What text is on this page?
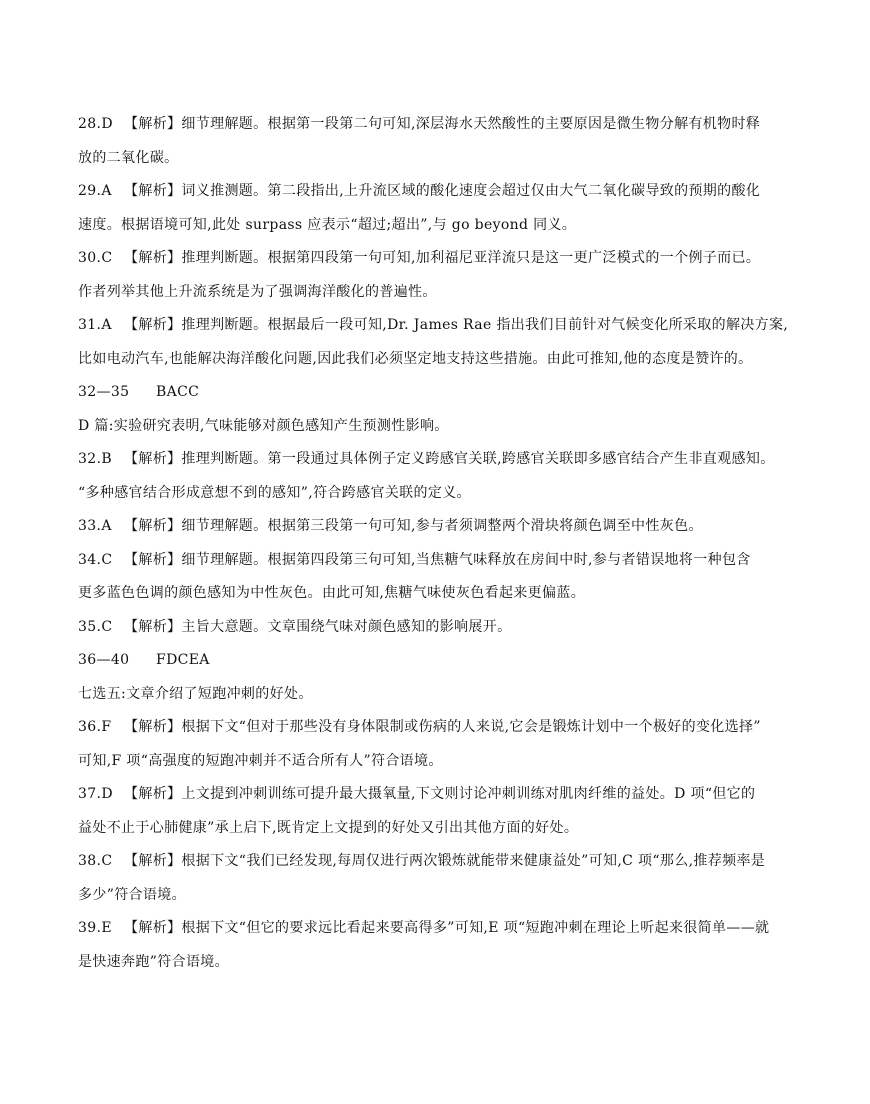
28.D 【解析】细节理解题。根据第一段第二句可知,深层海水天然酸性的主要原因是微生物分解有机物时释
放的二氧化碳。
29.A 【解析】词义推测题。第二段指出,上升流区域的酸化速度会超过仅由大气二氧化碳导致的预期的酸化
速度。根据语境可知,此处 surpass 应表示“超过;超出”,与 go beyond 同义。
30.C 【解析】推理判断题。根据第四段第一句可知,加利福尼亚洋流只是这一更广泛模式的一个例子而已。
作者列举其他上升流系统是为了强调海洋酸化的普遍性。
31.A 【解析】推理判断题。根据最后一段可知,Dr. James Rae 指出我们目前针对气候变化所采取的解决方案,
比如电动汽车,也能解决海洋酸化问题,因此我们必须坚定地支持这些措施。由此可推知,他的态度是赞许的。
32—35 BACC
D 篇:实验研究表明,气味能够对颜色感知产生预测性影响。
32.B 【解析】推理判断题。第一段通过具体例子定义跨感官关联,跨感官关联即多感官结合产生非直观感知。
“多种感官结合形成意想不到的感知”,符合跨感官关联的定义。
33.A 【解析】细节理解题。根据第三段第一句可知,参与者须调整两个滑块将颜色调至中性灰色。
34.C 【解析】细节理解题。根据第四段第三句可知,当焦糖气味释放在房间中时,参与者错误地将一种包含
更多蓝色色调的颜色感知为中性灰色。由此可知,焦糖气味使灰色看起来更偏蓝。
35.C 【解析】主旨大意题。文章围绕气味对颜色感知的影响展开。
36—40 FDCEA
七选五:文章介绍了短跑冲刺的好处。
36.F 【解析】根据下文“但对于那些没有身体限制或伤病的人来说,它会是锻炼计划中一个极好的变化选择”
可知,F 项“高强度的短跑冲刺并不适合所有人”符合语境。
37.D 【解析】上文提到冲刺训练可提升最大摄氧量,下文则讨论冲刺训练对肌肉纤维的益处。D 项“但它的
益处不止于心肺健康”承上启下,既肯定上文提到的好处又引出其他方面的好处。
38.C 【解析】根据下文“我们已经发现,每周仅进行两次锻炼就能带来健康益处”可知,C 项“那么,推荐频率是
多少”符合语境。
39.E 【解析】根据下文“但它的要求远比看起来要高得多”可知,E 项“短跑冲刺在理论上听起来很简单——就
是快速奔跑”符合语境。
